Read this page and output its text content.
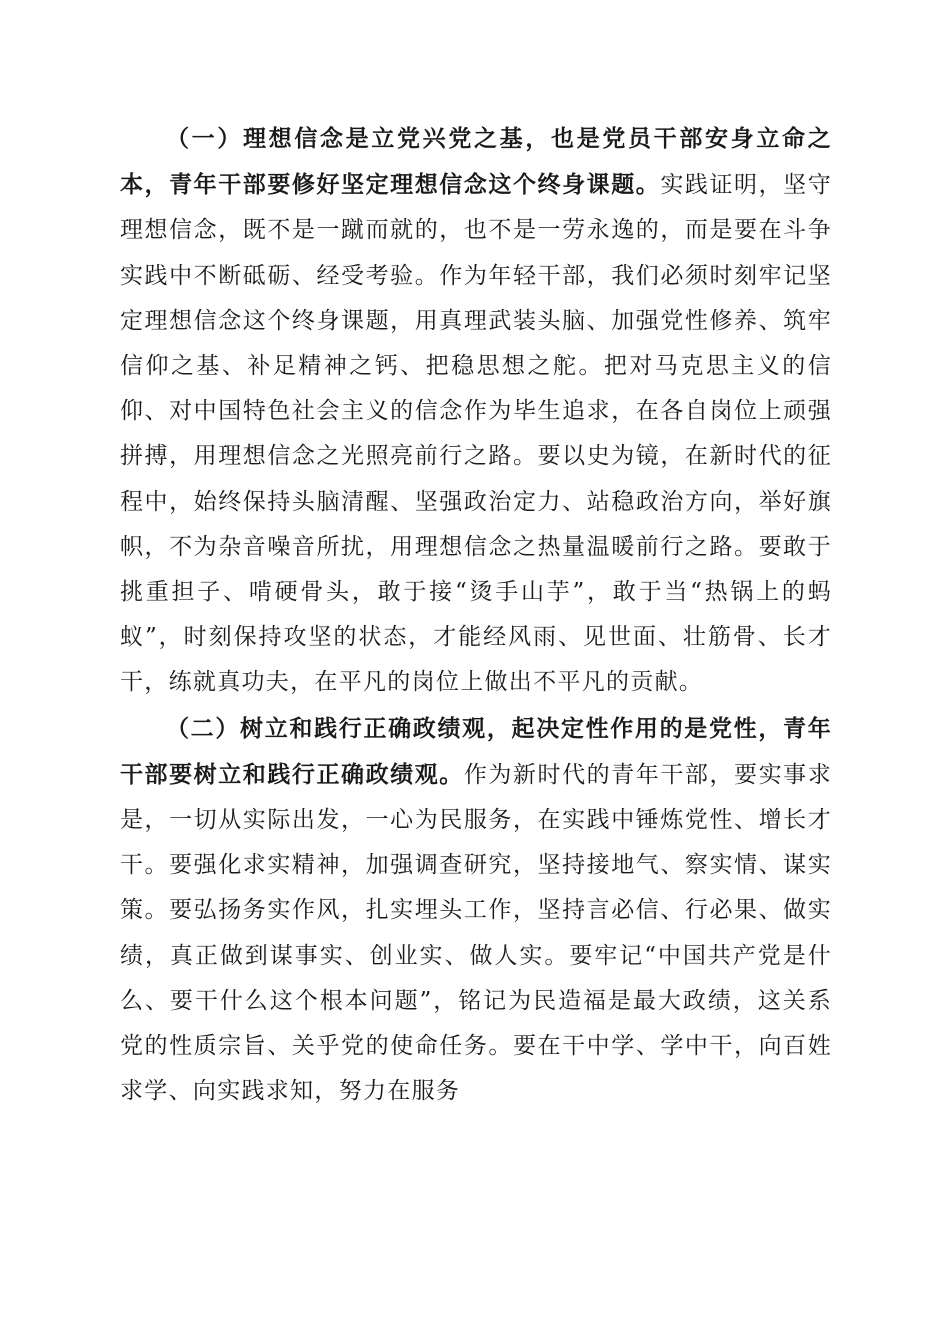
（一）理想信念是立党兴党之基，也是党员干部安身立命之本，青年干部要修好坚定理想信念这个终身课题。实践证明，坚守理想信念，既不是一蹴而就的，也不是一劳永逸的，而是要在斗争实践中不断砥砺、经受考验。作为年轻干部，我们必须时刻牢记坚定理想信念这个终身课题，用真理武装头脑、加强党性修养、筑牢信仰之基、补足精神之钙、把稳思想之舵。把对马克思主义的信仰、对中国特色社会主义的信念作为毕生追求，在各自岗位上顽强拼搏，用理想信念之光照亮前行之路。要以史为镜，在新时代的征程中，始终保持头脑清醒、坚强政治定力、站稳政治方向，举好旗帜，不为杂音噪音所扰，用理想信念之热量温暖前行之路。要敢于挑重担子、啃硬骨头，敢于接“烫手山芋”，敢于当“热锅上的蚂蚁”，时刻保持攻坚的状态，才能经风雨、见世面、壮筋骨、长才干，练就真功夫，在平凡的岗位上做出不平凡的贡献。

（二）树立和践行正确政绩观，起决定性作用的是党性，青年干部要树立和践行正确政绩观。作为新时代的青年干部，要实事求是，一切从实际出发，一心为民服务，在实践中锤炼党性、增长才干。要强化求实精神，加强调查研究，坚持接地气、察实情、谋实策。要弘扬务实作风，扎实埋头工作，坚持言必信、行必果、做实绩，真正做到谋事实、创业实、做人实。要牢记“中国共产党是什么、要干什么这个根本问题”，铭记为民造福是最大政绩，这关系党的性质宗旨、关乎党的使命任务。要在干中学、学中干，向百姓求学、向实践求知，努力在服务
